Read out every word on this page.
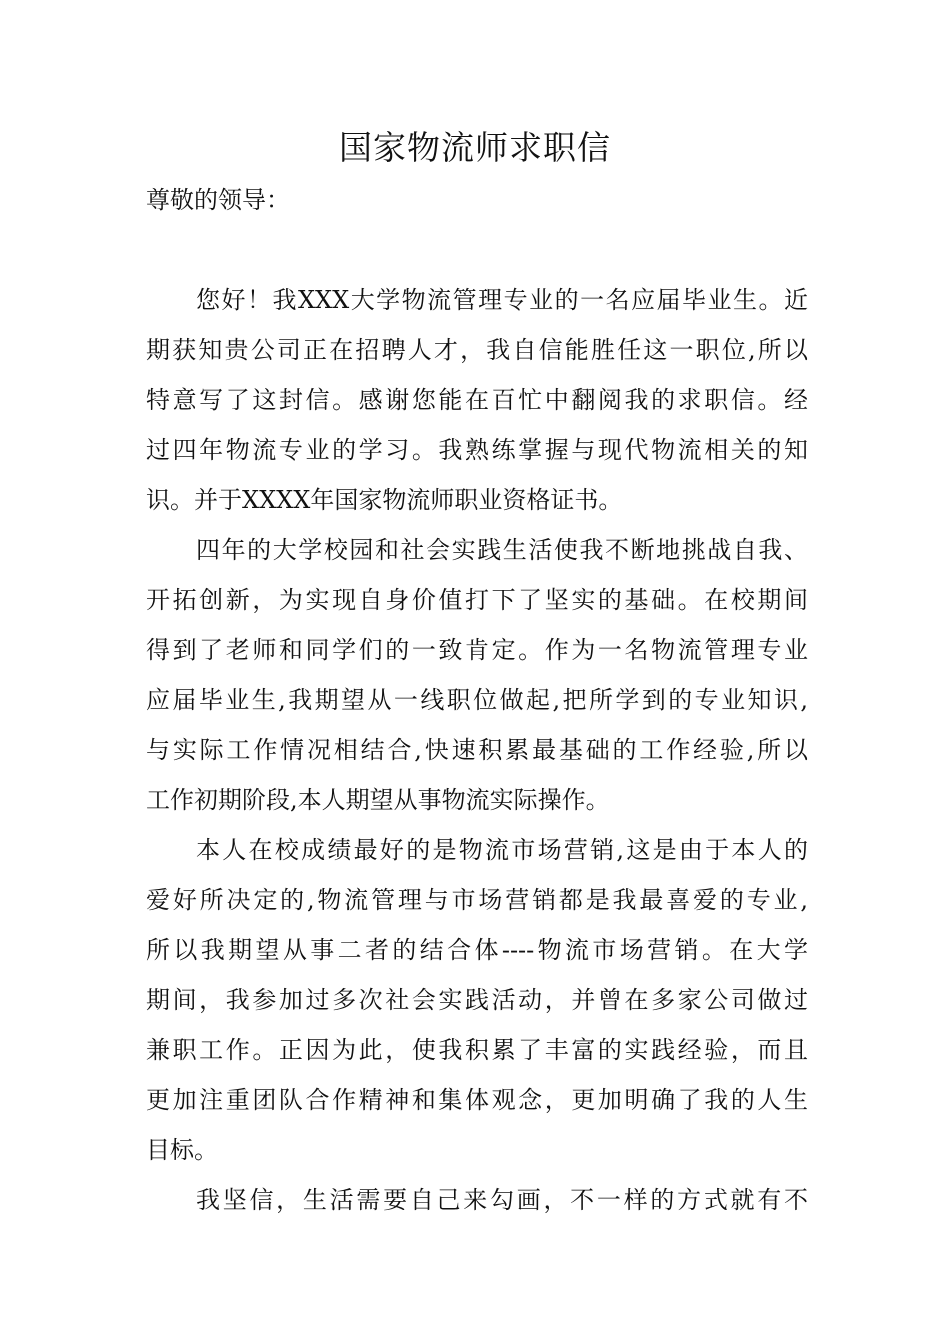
国家物流师求职信
尊敬的领导：
您好！我XXX大学物流管理专业的一名应届毕业生。近
期获知贵公司正在招聘人才，我自信能胜任这一职位,所以
特意写了这封信。感谢您能在百忙中翻阅我的求职信。经
过四年物流专业的学习。我熟练掌握与现代物流相关的知
识。并于XXXX年国家物流师职业资格证书。
四年的大学校园和社会实践生活使我不断地挑战自我、
开拓创新，为实现自身价值打下了坚实的基础。在校期间
得到了老师和同学们的一致肯定。作为一名物流管理专业
应届毕业生,我期望从一线职位做起,把所学到的专业知识,
与实际工作情况相结合,快速积累最基础的工作经验,所以
工作初期阶段,本人期望从事物流实际操作。
本人在校成绩最好的是物流市场营销,这是由于本人的
爱好所决定的,物流管理与市场营销都是我最喜爱的专业,
所以我期望从事二者的结合体----物流市场营销。在大学
期间，我参加过多次社会实践活动，并曾在多家公司做过
兼职工作。正因为此，使我积累了丰富的实践经验，而且
更加注重团队合作精神和集体观念，更加明确了我的人生
目标。
我坚信，生活需要自己来勾画，不一样的方式就有不
